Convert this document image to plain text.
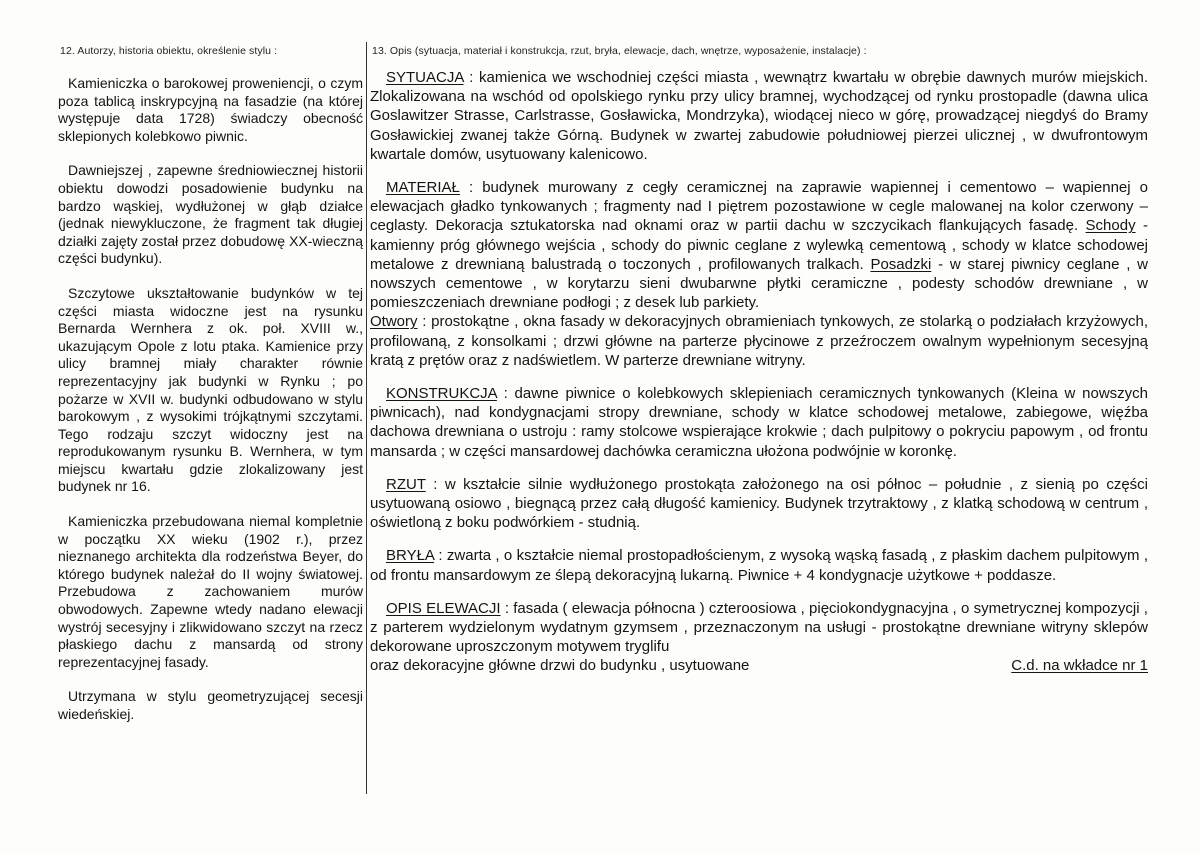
12. Autorzy, historia obiektu, określenie stylu :

Kamieniczka o barokowej proweniencji, o czym poza tablicą inskrypcyjną na fasadzie (na której występuje data 1728) świadczy obecność sklepionych kolebkowo piwnic.

Dawniejszej , zapewne średniowiecznej historii obiektu dowodzi posadowienie budynku na bardzo wąskiej, wydłużonej w głąb działce (jednak niewykluczone, że fragment tak długiej działki zajęty został przez dobudowę XX-wieczną części budynku).

Szczytowe ukształtowanie budynków w tej części miasta widoczne jest na rysunku Bernarda Wernhera z ok. poł. XVIII w., ukazującym Opole z lotu ptaka. Kamienice przy ulicy bramnej miały charakter równie reprezentacyjny jak budynki w Rynku ; po pożarze w XVII w. budynki odbudowano w stylu barokowym , z wysokimi trójkątnymi szczytami. Tego rodzaju szczyt widoczny jest na reprodukowanym rysunku B. Wernhera, w tym miejscu kwartału gdzie zlokalizowany jest budynek nr 16.

Kamieniczka przebudowana niemal kompletnie w początku XX wieku (1902 r.), przez nieznanego architekta dla rodzeństwa Beyer, do którego budynek należał do II wojny światowej. Przebudowa z zachowaniem murów obwodowych. Zapewne wtedy nadano elewacji wystrój secesyjny i zlikwidowano szczyt na rzecz płaskiego dachu z mansardą od strony reprezentacyjnej fasady.

Utrzymana w stylu geometryzującej secesji wiedeńskiej.

13. Opis (sytuacja, materiał i konstrukcja, rzut, bryła, elewacje, dach, wnętrze, wyposażenie, instalacje) :

SYTUACJA : kamienica we wschodniej części miasta , wewnątrz kwartału w obrębie dawnych murów miejskich. Zlokalizowana na wschód od opolskiego rynku przy ulicy bramnej, wychodzącej od rynku prostopadle (dawna ulica Goslawitzer Strasse, Carlstrasse, Gosławicka, Mondrzyka), wiodącej nieco w górę, prowadzącej niegdyś do Bramy Gosławickiej zwanej także Górną. Budynek w zwartej zabudowie południowej pierzei ulicznej , w dwufrontowym kwartale domów, usytuowany kalenicowo.

MATERIAŁ : budynek murowany z cegły ceramicznej na zaprawie wapiennej i cementowo – wapiennej o elewacjach gładko tynkowanych ; fragmenty nad I piętrem pozostawione w cegle malowanej na kolor czerwony – ceglasty. Dekoracja sztukatorska nad oknami oraz w partii dachu w szczycikach flankujących fasadę. Schody - kamienny próg głównego wejścia , schody do piwnic ceglane z wylewką cementową , schody w klatce schodowej metalowe z drewnianą balustradą o toczonych , profilowanych tralkach. Posadzki - w starej piwnicy ceglane , w nowszych cementowe , w korytarzu sieni dwubarwne płytki ceramiczne , podesty schodów drewniane , w pomieszczeniach drewniane podłogi ; z desek lub parkiety.

Otwory : prostokątne , okna fasady w dekoracyjnych obramieniach tynkowych, ze stolarką o podziałach krzyżowych, profilowaną, z konsolkami ; drzwi główne na parterze płycinowe z przeźroczem owalnym wypełnionym secesyjną kratą z prętów oraz z nadświetlem. W parterze drewniane witryny.

KONSTRUKCJA : dawne piwnice o kolebkowych sklepieniach ceramicznych tynkowanych (Kleina w nowszych piwnicach), nad kondygnacjami stropy drewniane, schody w klatce schodowej metalowe, zabiegowe, więźba dachowa drewniana o ustroju : ramy stolcowe wspierające krokwie ; dach pulpitowy o pokryciu papowym , od frontu mansarda ; w części mansardowej dachówka ceramiczna ułożona podwójnie w koronkę.

RZUT : w kształcie silnie wydłużonego prostokąta założonego na osi północ – południe , z sienią po części usytuowaną osiowo , biegnącą przez całą długość kamienicy. Budynek trzytraktowy , z klatką schodową w centrum , oświetloną z boku podwórkiem - studnią.

BRYŁA : zwarta , o kształcie niemal prostopadłościenym, z wysoką wąską fasadą , z płaskim dachem pulpitowym , od frontu mansardowym ze ślepą dekoracyjną lukarną. Piwnice + 4 kondygnacje użytkowe + poddasze.

OPIS ELEWACJI : fasada ( elewacja północna ) czteroosiowa , pięciokondygnacyjna , o symetrycznej kompozycji , z parterem wydzielonym wydatnym gzymsem , przeznaczonym na usługi - prostokątne drewniane witryny sklepów dekorowane uproszczonym motywem tryglifu

oraz dekoracyjne główne drzwi do budynku , usytuowane	C.d. na wkładce nr 1
